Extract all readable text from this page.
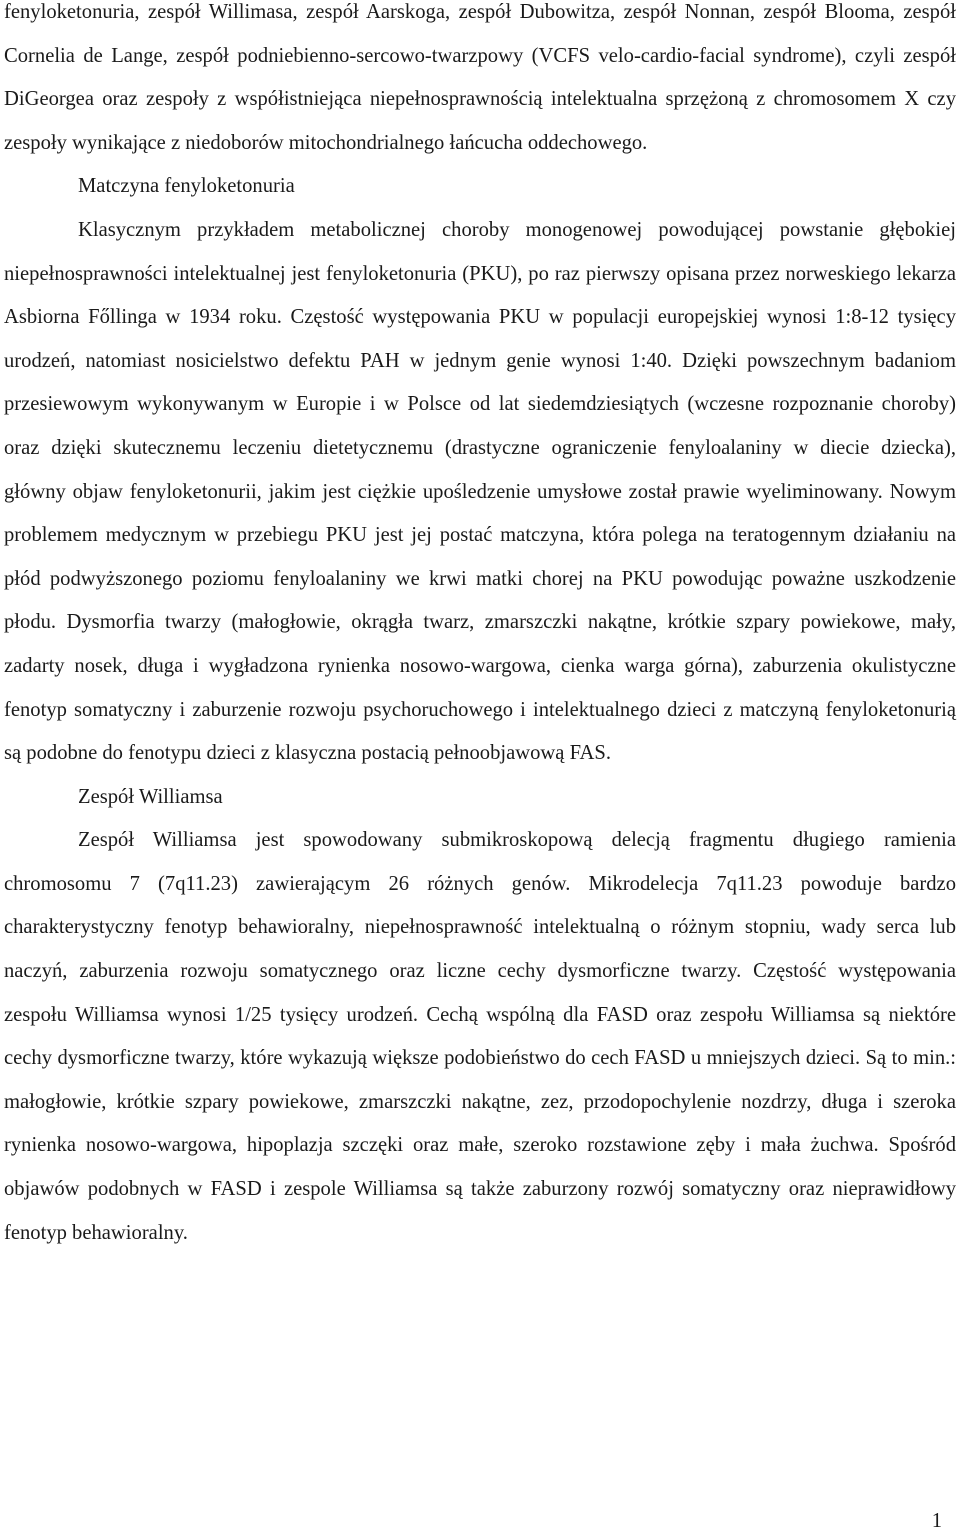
fenyloketonuria, zespół Willimasa, zespół Aarskoga, zespół Dubowitza, zespół Nonnan, zespół Blooma, zespół Cornelia de Lange, zespół podniebienno-sercowo-twarzpowy (VCFS velo-cardio-facial syndrome), czyli zespół DiGeorgea oraz zespoły z współistniejąca niepełnosprawnością intelektualna sprzężoną z chromosomem X czy zespoły wynikające z niedoborów mitochondrialnego łańcucha oddechowego.

Matczyna fenyloketonuria

Klasycznym przykładem metabolicznej choroby monogenowej powodującej powstanie głębokiej niepełnosprawności intelektualnej jest fenyloketonuria (PKU), po raz pierwszy opisana przez norweskiego lekarza Asbiorna Főllinga w 1934 roku. Częstość występowania PKU w populacji europejskiej wynosi 1:8-12 tysięcy urodzeń, natomiast nosicielstwo defektu PAH w jednym genie wynosi 1:40. Dzięki powszechnym badaniom przesiewowym wykonywanym w Europie i w Polsce od lat siedemdziesiątych (wczesne rozpoznanie choroby) oraz dzięki skutecznemu leczeniu dietetycznemu (drastyczne ograniczenie fenyloalaniny w diecie dziecka), główny objaw fenyloketonurii, jakim jest ciężkie upośledzenie umysłowe został prawie wyeliminowany. Nowym problemem medycznym w przebiegu PKU jest jej postać matczyna, która polega na teratogennym działaniu na płód podwyższonego poziomu fenyloalaniny we krwi matki chorej na PKU powodując poważne uszkodzenie płodu. Dysmorfia twarzy (małogłowie, okrągła twarz, zmarszczki nakątne, krótkie szpary powiekowe, mały, zadarty nosek, długa i wygładzona rynienka nosowo-wargowa, cienka warga górna), zaburzenia okulistyczne fenotyp somatyczny i zaburzenie rozwoju psychoruchowego i intelektualnego dzieci z matczyną fenyloketonurią są podobne do fenotypu dzieci z klasyczna postacią pełnoobjawową FAS.

Zespół Williamsa

Zespół Williamsa jest spowodowany submikroskopową delecją fragmentu długiego ramienia chromosomu 7 (7q11.23) zawierającym 26 różnych genów. Mikrodelecja 7q11.23 powoduje bardzo charakterystyczny fenotyp behawioralny, niepełnosprawność intelektualną o różnym stopniu, wady serca lub naczyń, zaburzenia rozwoju somatycznego oraz liczne cechy dysmorficzne twarzy. Częstość występowania zespołu Williamsa wynosi 1/25 tysięcy urodzeń. Cechą wspólną dla FASD oraz zespołu Williamsa są niektóre cechy dysmorficzne twarzy, które wykazują większe podobieństwo do cech FASD u mniejszych dzieci. Są to min.: małogłowie, krótkie szpary powiekowe, zmarszczki nakątne, zez, przodopochylenie nozdrzy, długa i szeroka rynienka nosowo-wargowa, hipoplazja szczęki oraz małe, szeroko rozstawione zęby i mała żuchwa. Spośród objawów podobnych w FASD i zespole Williamsa są także zaburzony rozwój somatyczny oraz nieprawidłowy fenotyp behawioralny.

1
